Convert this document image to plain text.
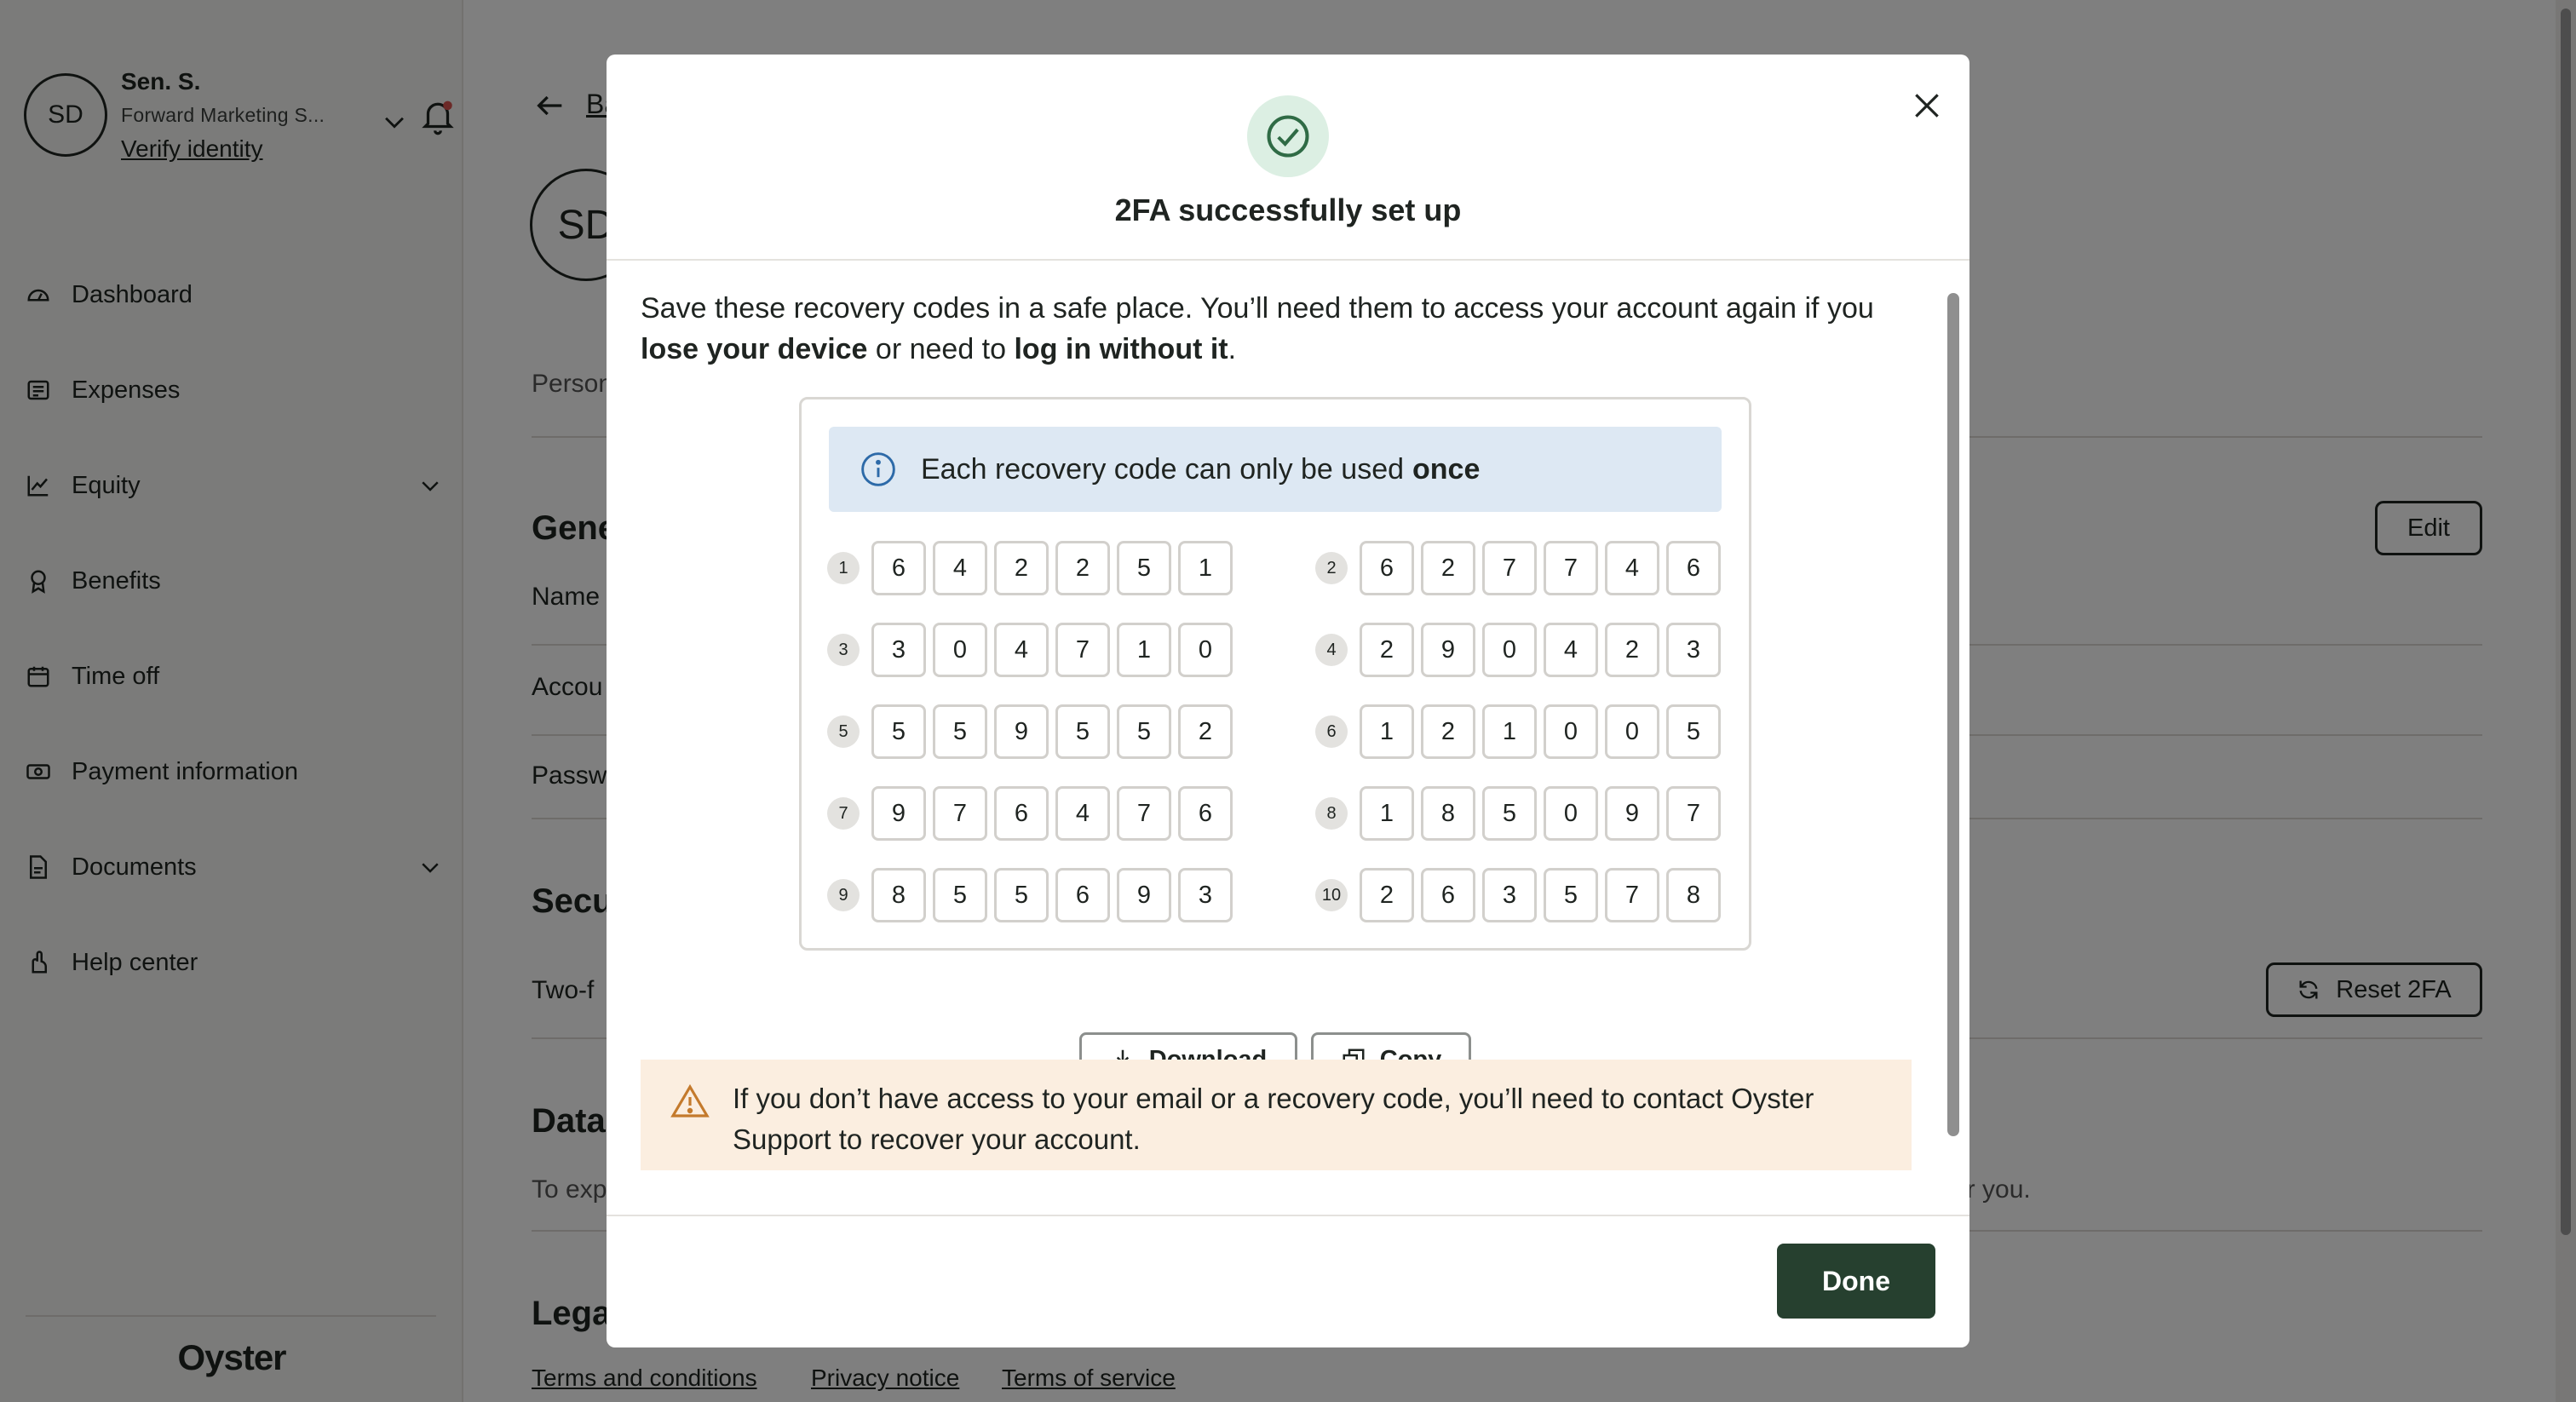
2FA successfully set up

Save these recovery codes in a safe place. You’ll need them to access your account again if you lose your device or need to log in without it.

Each recovery code can only be used once
1	6	4	2	2	5	1	2	6	2	7	7	4	6
3	3	0	4	7	1	0	4	2	9	0	4	2	3
5	5	5	9	5	5	2	6	1	2	1	0	0	5
7	9	7	6	4	7	6	8	1	8	5	0	9	7
9	8	5	5	6	9	3	10	2	6	3	5	7	8
If you don’t have access to your email or a recovery code, you’ll need to contact Oyster Support to recover your account.
Done
